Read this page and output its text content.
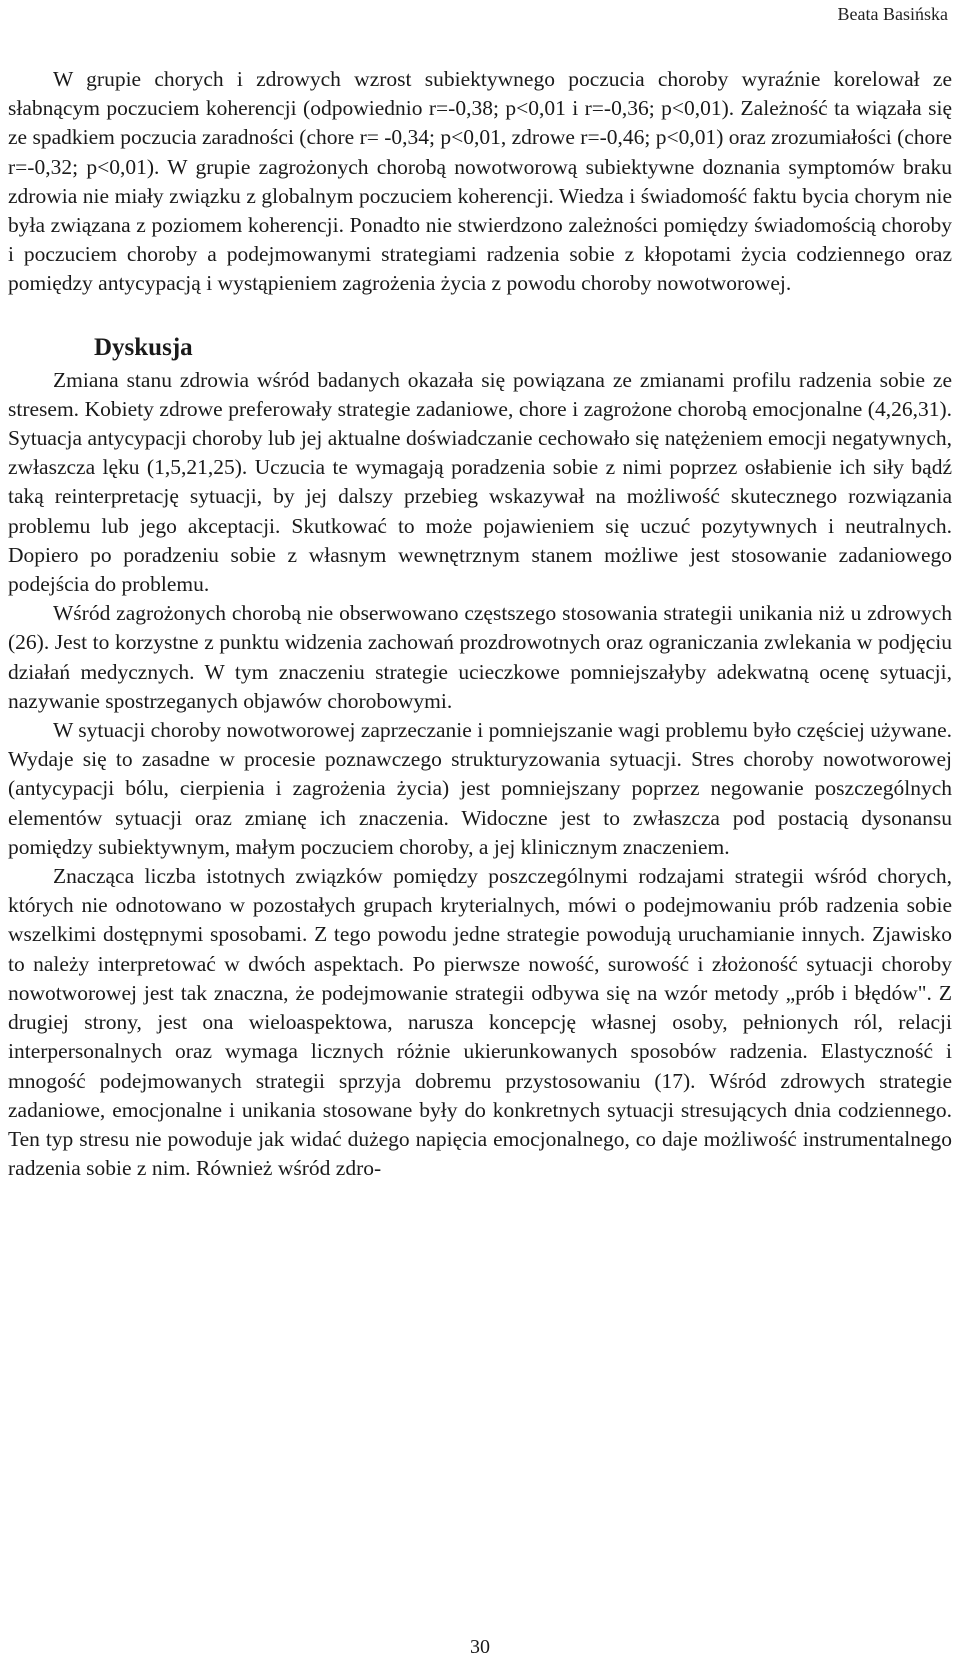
Beata Basińska

W grupie chorych i zdrowych wzrost subiektywnego poczucia choroby wyraźnie korelował ze słabnącym poczuciem koherencji (odpowiednio r=-0,38; p<0,01 i r=-0,36; p<0,01). Zależność ta wiązała się ze spadkiem poczucia zaradności (chore r= -0,34; p<0,01, zdrowe r=-0,46; p<0,01) oraz zrozumiałości (chore r=-0,32; p<0,01). W grupie zagrożonych chorobą nowotworową subiektywne doznania symptomów braku zdrowia nie miały związku z globalnym poczuciem koherencji. Wiedza i świadomość faktu bycia chorym nie była związana z poziomem koherencji. Ponadto nie stwierdzono zależności pomiędzy świadomością choroby i poczuciem choroby a podejmowanymi strategiami radzenia sobie z kłopotami życia codziennego oraz pomiędzy antycypacją i wystąpieniem zagrożenia życia z powodu choroby nowotworowej.

Dyskusja

Zmiana stanu zdrowia wśród badanych okazała się powiązana ze zmianami profilu radzenia sobie ze stresem. Kobiety zdrowe preferowały strategie zadaniowe, chore i zagrożone chorobą emocjonalne (4,26,31). Sytuacja antycypacji choroby lub jej aktualne doświadczanie cechowało się natężeniem emocji negatywnych, zwłaszcza lęku (1,5,21,25). Uczucia te wymagają poradzenia sobie z nimi poprzez osłabienie ich siły bądź taką reinterpretację sytuacji, by jej dalszy przebieg wskazywał na możliwość skutecznego rozwiązania problemu lub jego akceptacji. Skutkować to może pojawieniem się uczuć pozytywnych i neutralnych. Dopiero po poradzeniu sobie z własnym wewnętrznym stanem możliwe jest stosowanie zadaniowego podejścia do problemu.

Wśród zagrożonych chorobą nie obserwowano częstszego stosowania strategii unikania niż u zdrowych (26). Jest to korzystne z punktu widzenia zachowań prozdrowotnych oraz ograniczania zwlekania w podjęciu działań medycznych. W tym znaczeniu strategie ucieczkowe pomniejszałyby adekwatną ocenę sytuacji, nazywanie spostrzeganych objawów chorobowymi.

W sytuacji choroby nowotworowej zaprzeczanie i pomniejszanie wagi problemu było częściej używane. Wydaje się to zasadne w procesie poznawczego strukturyzowania sytuacji. Stres choroby nowotworowej (antycypacji bólu, cierpienia i zagrożenia życia) jest pomniejszany poprzez negowanie poszczególnych elementów sytuacji oraz zmianę ich znaczenia. Widoczne jest to zwłaszcza pod postacią dysonansu pomiędzy subiektywnym, małym poczuciem choroby, a jej klinicznym znaczeniem.

Znacząca liczba istotnych związków pomiędzy poszczególnymi rodzajami strategii wśród chorych, których nie odnotowano w pozostałych grupach kryterialnych, mówi o podejmowaniu prób radzenia sobie wszelkimi dostępnymi sposobami. Z tego powodu jedne strategie powodują uruchamianie innych. Zjawisko to należy interpretować w dwóch aspektach. Po pierwsze nowość, surowość i złożoność sytuacji choroby nowotworowej jest tak znaczna, że podejmowanie strategii odbywa się na wzór metody „prób i błędów". Z drugiej strony, jest ona wieloaspektowa, narusza koncepcję własnej osoby, pełnionych ról, relacji interpersonalnych oraz wymaga licznych różnie ukierunkowanych sposobów radzenia. Elastyczność i mnogość podejmowanych strategii sprzyja dobremu przystosowaniu (17). Wśród zdrowych strategie zadaniowe, emocjonalne i unikania stosowane były do konkretnych sytuacji stresujących dnia codziennego. Ten typ stresu nie powoduje jak widać dużego napięcia emocjonalnego, co daje możliwość instrumentalnego radzenia sobie z nim. Również wśród zdro-

30
